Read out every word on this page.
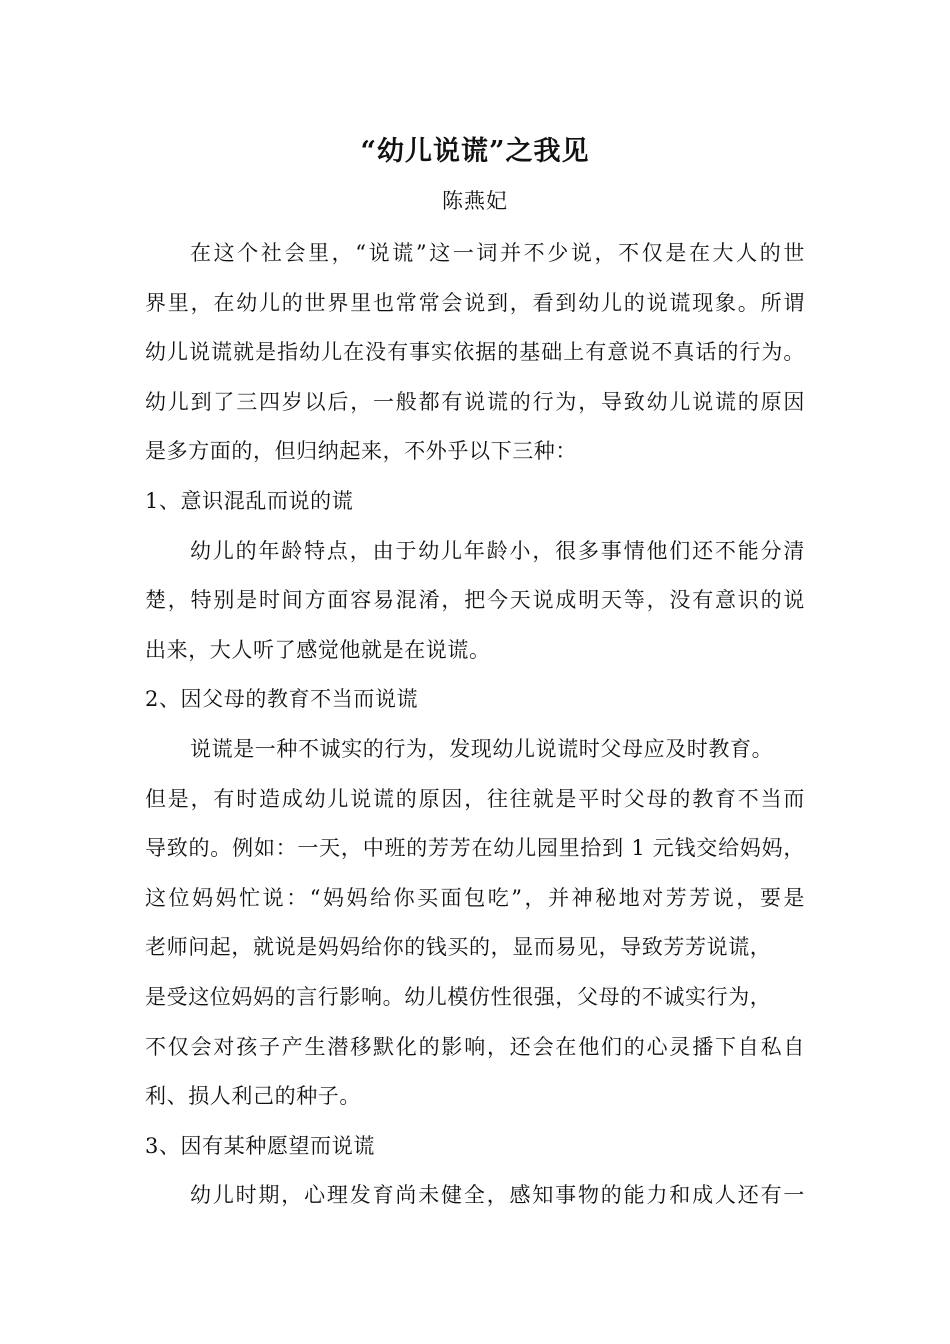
“幼儿说谎”之我见
陈燕妃
在这个社会里，“说谎”这一词并不少说，不仅是在大人的世
界里，在幼儿的世界里也常常会说到，看到幼儿的说谎现象。所谓
幼儿说谎就是指幼儿在没有事实依据的基础上有意说不真话的行为。
幼儿到了三四岁以后，一般都有说谎的行为，导致幼儿说谎的原因
是多方面的，但归纳起来，不外乎以下三种：
1、意识混乱而说的谎
幼儿的年龄特点，由于幼儿年龄小，很多事情他们还不能分清
楚，特别是时间方面容易混淆，把今天说成明天等，没有意识的说
出来，大人听了感觉他就是在说谎。
2、因父母的教育不当而说谎
说谎是一种不诚实的行为，发现幼儿说谎时父母应及时教育。
但是，有时造成幼儿说谎的原因，往往就是平时父母的教育不当而
导致的。例如：一天，中班的芳芳在幼儿园里拾到 1 元钱交给妈妈，
这位妈妈忙说：“妈妈给你买面包吃”，并神秘地对芳芳说，要是
老师问起，就说是妈妈给你的钱买的，显而易见，导致芳芳说谎，
是受这位妈妈的言行影响。幼儿模仿性很强，父母的不诚实行为，
不仅会对孩子产生潜移默化的影响，还会在他们的心灵播下自私自
利、损人利己的种子。
3、因有某种愿望而说谎
幼儿时期，心理发育尚未健全，感知事物的能力和成人还有一
